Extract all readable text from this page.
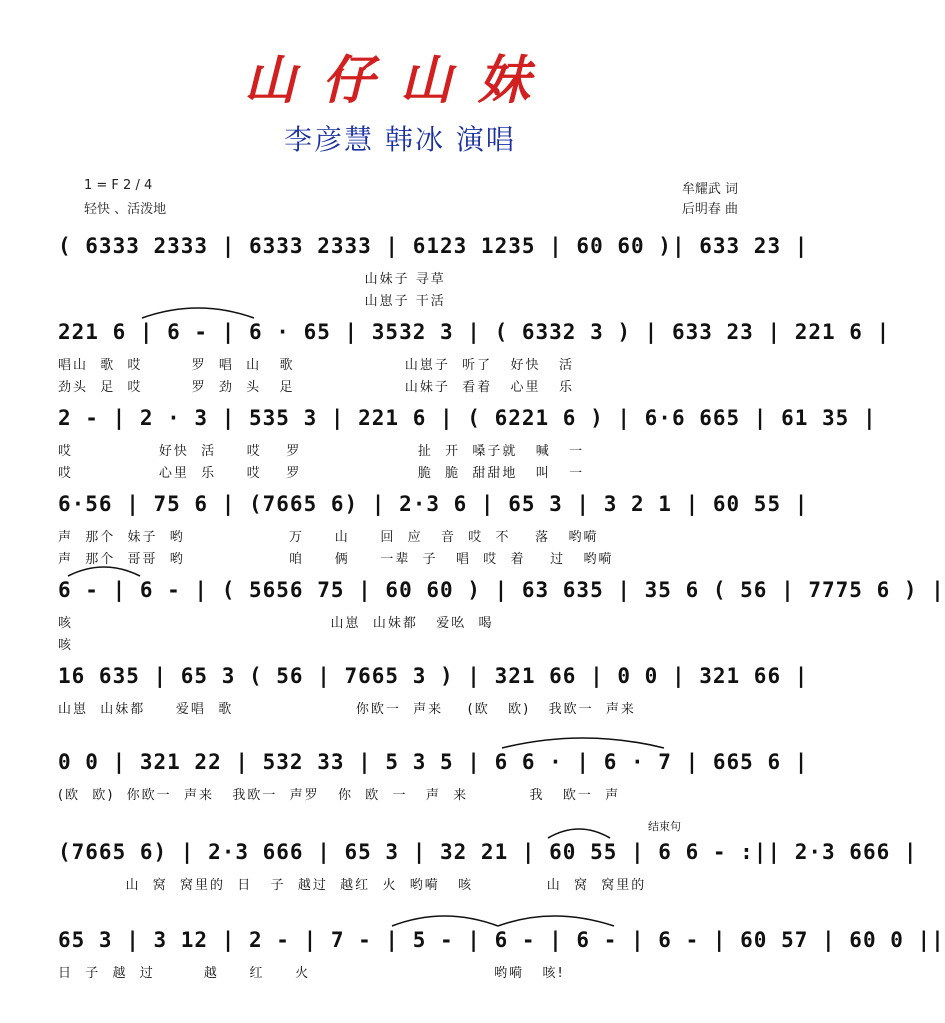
山仔山妹
李彦慧 韩冰 演唱
1 = F 2 / 4
轻快 、活泼地
牟耀武 词
后明春 曲
( 6333 2333 | 6333 2333 | 6123 1235 | 60 60 )| 633 23 |
山妹子 寻草
山崽子 干活
221 6 | 6 - | 6 · 65 | 3532 3 | ( 6332 3 ) | 633 23 | 221 6 |
唱山  歌  哎        罗  唱  山   歌                  山崽子  听了   好快   活
劲头  足  哎        罗  劲  头   足                  山妹子  看着   心里   乐
2 - | 2 · 3 | 535 3 | 221 6 | ( 6221 6 ) | 6·6 665 | 61 35 |
哎              好快  活     哎    罗                   扯  开  嗓子就   喊   一
哎              心里  乐     哎    罗                   脆  脆  甜甜地   叫   一
6·56 | 75 6 | (7665 6) | 2·3 6 | 65 3 | 3 2 1 | 60 55 |
声  那个  妹子  哟                 万     山     回  应   音  哎  不    落   哟嗬
声  那个  哥哥  哟                 咱     俩     一辈  子   唱  哎  着    过   哟嗬
6 - | 6 - | ( 5656 75 | 60 60 ) | 63 635 | 35 6 ( 56 | 7775 6 ) |
咳                                          山崽  山妹都   爱吆  喝
咳
16 635 | 65 3 ( 56 | 7665 3 ) | 321 66 | 0 0 | 321 66 |
山崽  山妹都     爱唱  歌                    你欧一  声来    (欧   欧)   我欧一  声来
0 0 | 321 22 | 532 33 | 5 3 5 | 6 6 · | 6 · 7 | 665 6 |
(欧  欧)  你欧一  声来   我欧一  声罗   你  欧  一   声  来          我   欧一  声
结束句
(7665 6) | 2·3 666 | 65 3 | 32 21 | 60 55 | 6 6 - :|| 2·3 666 |
山  窝  窝里的  日   子  越过  越红  火  哟嗬   咳            山  窝  窝里的
65 3 | 3 12 | 2 - | 7 - | 5 - | 6 - | 6 - | 6 - | 60 57 | 60 0 ||
日  子  越  过        越     红     火                              哟嗬   咳!
